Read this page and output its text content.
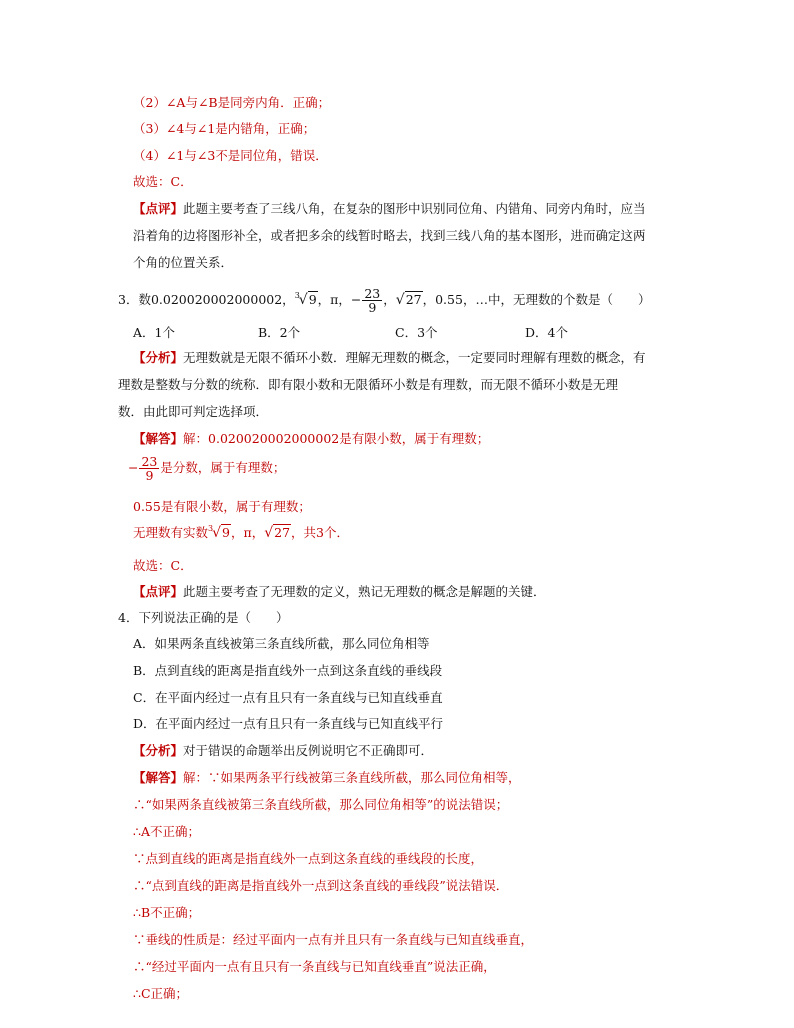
（2）∠A与∠B是同旁内角．正确；
（3）∠4与∠1是内错角，正确；
（4）∠1与∠3不是同位角，错误．
故选：C．
【点评】此题主要考查了三线八角，在复杂的图形中识别同位角、内错角、同旁内角时，应当
沿着角的边将图形补全，或者把多余的线暂时略去，找到三线八角的基本图形，进而确定这两
个角的位置关系．
3．数0.020020002000002，$^3$√9，π，− $\frac{23}{9}$ ，√27，0.55，…中，无理数的个数是（　　）
A．1个	B．2个	C．3个	D．4个
【分析】无理数就是无限不循环小数．理解无理数的概念，一定要同时理解有理数的概念，有
理数是整数与分数的统称．即有限小数和无限循环小数是有理数，而无限不循环小数是无理
数．由此即可判定选择项．
【解答】解：0.020020002000002是有限小数，属于有理数；
− $\frac{23}{9}$ 是分数，属于有理数；
0.55是有限小数，属于有理数；
无理数有实数$^3$√9，π，√27，共3个．
故选：C．
【点评】此题主要考查了无理数的定义，熟记无理数的概念是解题的关键．
4．下列说法正确的是（　　）
A．如果两条直线被第三条直线所截，那么同位角相等
B．点到直线的距离是指直线外一点到这条直线的垂线段
C．在平面内经过一点有且只有一条直线与已知直线垂直
D．在平面内经过一点有且只有一条直线与已知直线平行
【分析】对于错误的命题举出反例说明它不正确即可．
【解答】解：∵如果两条平行线被第三条直线所截，那么同位角相等，
∴“如果两条直线被第三条直线所截，那么同位角相等”的说法错误；
∴A不正确；
∵点到直线的距离是指直线外一点到这条直线的垂线段的长度，
∴“点到直线的距离是指直线外一点到这条直线的垂线段”说法错误．
∴B不正确；
∵垂线的性质是：经过平面内一点有并且只有一条直线与已知直线垂直，
∴“经过平面内一点有且只有一条直线与已知直线垂直”说法正确，
∴C正确；
